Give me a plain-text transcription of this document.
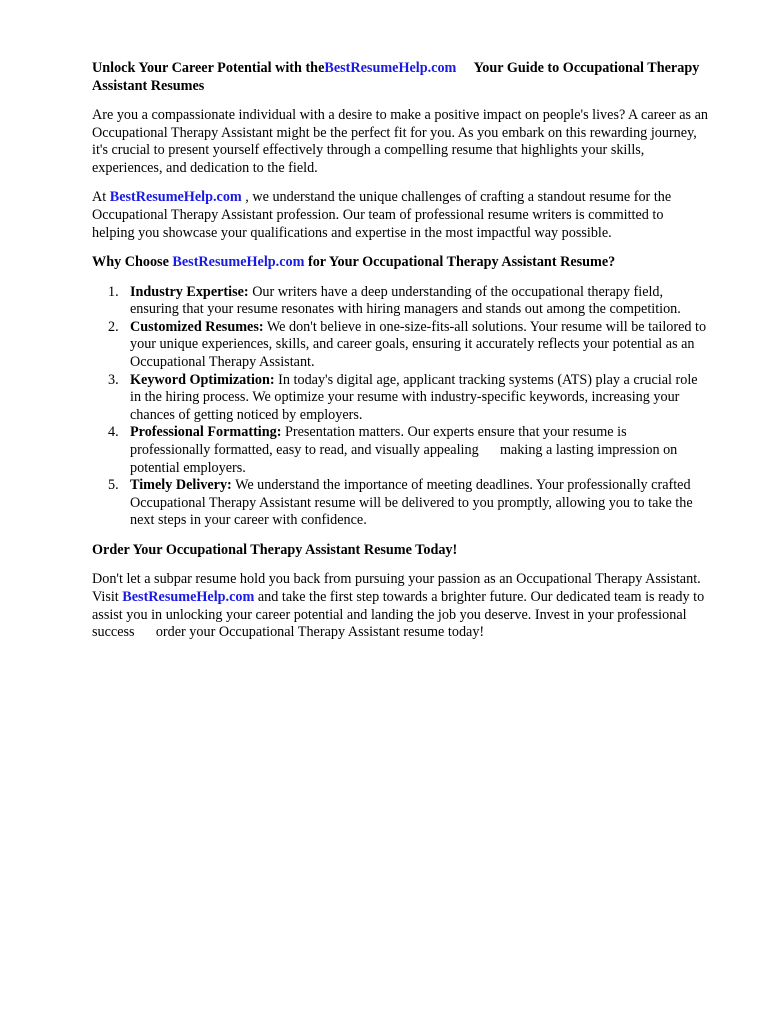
Unlock Your Career Potential with theBestResumeHelp.com  Your Guide to Occupational Therapy Assistant Resumes

Are you a compassionate individual with a desire to make a positive impact on people's lives? A career as an Occupational Therapy Assistant might be the perfect fit for you. As you embark on this rewarding journey, it's crucial to present yourself effectively through a compelling resume that highlights your skills, experiences, and dedication to the field.

At BestResumeHelp.com , we understand the unique challenges of crafting a standout resume for the Occupational Therapy Assistant profession. Our team of professional resume writers is committed to helping you showcase your qualifications and expertise in the most impactful way possible.

Why Choose BestResumeHelp.com for Your Occupational Therapy Assistant Resume?
1. Industry Expertise: Our writers have a deep understanding of the occupational therapy field, ensuring that your resume resonates with hiring managers and stands out among the competition.
2. Customized Resumes: We don't believe in one-size-fits-all solutions. Your resume will be tailored to your unique experiences, skills, and career goals, ensuring it accurately reflects your potential as an Occupational Therapy Assistant.
3. Keyword Optimization: In today's digital age, applicant tracking systems (ATS) play a crucial role in the hiring process. We optimize your resume with industry-specific keywords, increasing your chances of getting noticed by employers.
4. Professional Formatting: Presentation matters. Our experts ensure that your resume is professionally formatted, easy to read, and visually appealing   making a lasting impression on potential employers.
5. Timely Delivery: We understand the importance of meeting deadlines. Your professionally crafted Occupational Therapy Assistant resume will be delivered to you promptly, allowing you to take the next steps in your career with confidence.
Order Your Occupational Therapy Assistant Resume Today!

Don't let a subpar resume hold you back from pursuing your passion as an Occupational Therapy Assistant. Visit BestResumeHelp.com and take the first step towards a brighter future. Our dedicated team is ready to assist you in unlocking your career potential and landing the job you deserve. Invest in your professional success   order your Occupational Therapy Assistant resume today!
